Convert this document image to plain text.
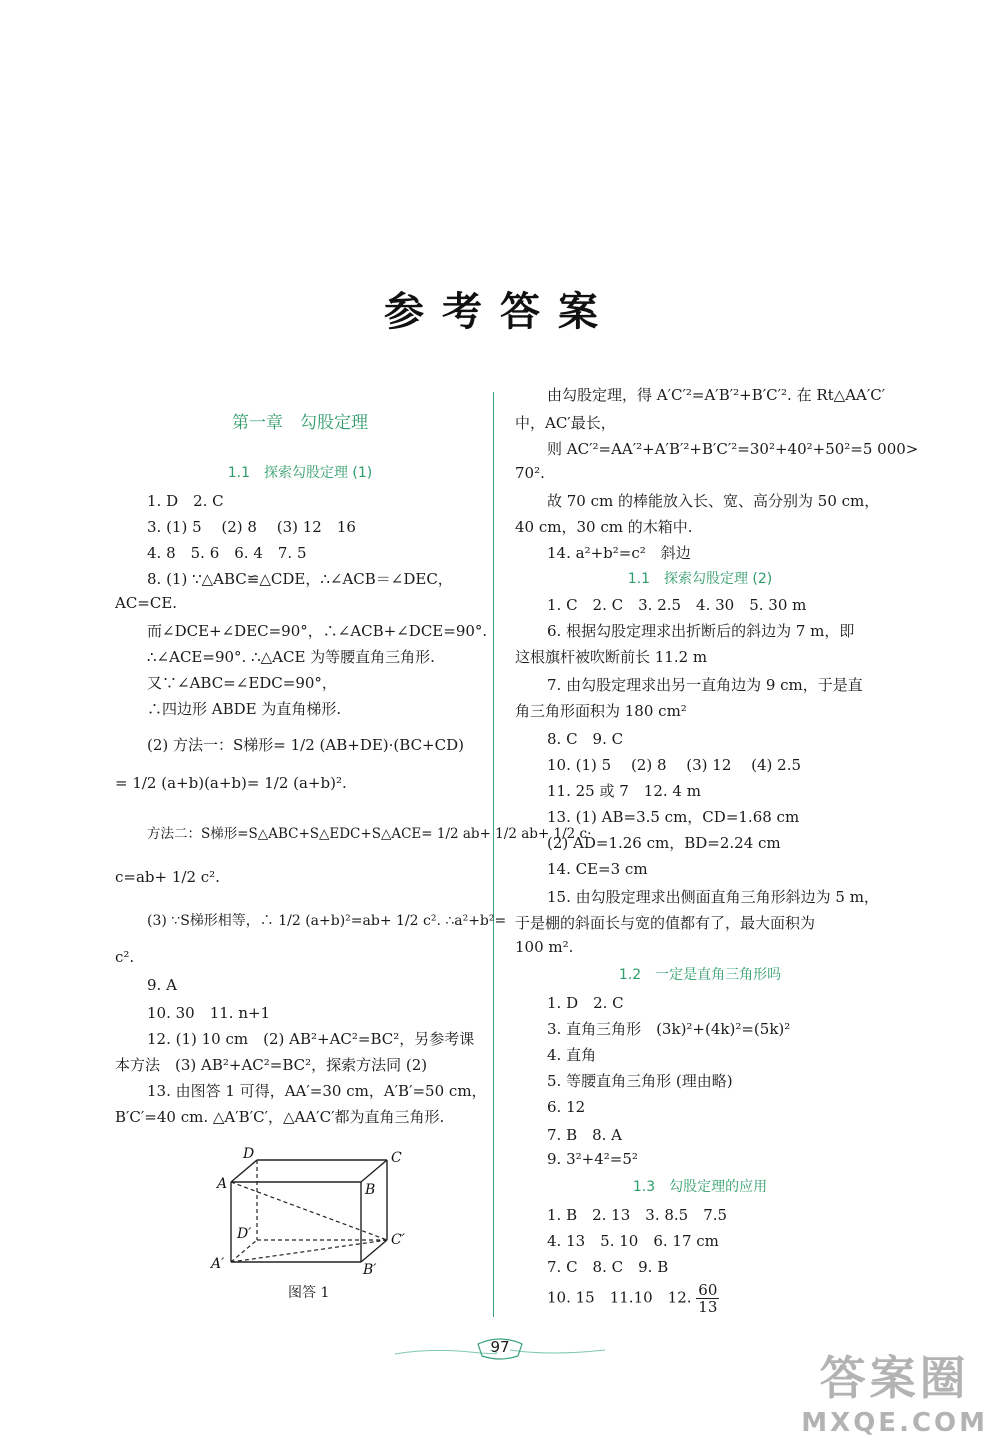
参考答案
第一章　勾股定理
1.1　探索勾股定理 (1)
1. D　2. C
3. (1) 5　 (2) 8　 (3) 12　16
4. 8　5. 6　6. 4　7. 5
8. (1) ∵△ABC≌△CDE，∴∠ACB＝∠DEC，
AC=CE.
而∠DCE+∠DEC=90°，∴∠ACB+∠DCE=90°.
∴∠ACE=90°. ∴△ACE 为等腰直角三角形.
又∵∠ABC=∠EDC=90°，
∴四边形 ABDE 为直角梯形.
(2) 方法一：S梯形= 1/2 (AB+DE)·(BC+CD)
= 1/2 (a+b)(a+b)= 1/2 (a+b)².
方法二：S梯形=S△ABC+S△EDC+S△ACE= 1/2 ab+ 1/2 ab+ 1/2 c·
c=ab+ 1/2 c².
(3) ∵S梯形相等，∴ 1/2 (a+b)²=ab+ 1/2 c². ∴a²+b²=
c².
9. A
10. 30　11. n+1
12. (1) 10 cm　(2) AB²+AC²=BC²，另参考课
本方法　(3) AB²+AC²=BC²，探索方法同 (2)
13. 由图答 1 可得，AA′=30 cm，A′B′=50 cm，
B′C′=40 cm. △A′B′C′，△AA′C′都为直角三角形.
D	C
A	B
D′	C′
A′	B′
图答 1
由勾股定理，得 A′C′²=A′B′²+B′C′². 在 Rt△AA′C′
中，AC′最长，
则 AC′²=AA′²+A′B′²+B′C′²=30²+40²+50²=5 000>
70².
故 70 cm 的棒能放入长、宽、高分别为 50 cm，
40 cm，30 cm 的木箱中.
14. a²+b²=c²　斜边
1.1　探索勾股定理 (2)
1. C　2. C　3. 2.5　4. 30　5. 30 m
6. 根据勾股定理求出折断后的斜边为 7 m，即
这根旗杆被吹断前长 11.2 m
7. 由勾股定理求出另一直角边为 9 cm，于是直
角三角形面积为 180 cm²
8. C　9. C
10. (1) 5　 (2) 8　 (3) 12　 (4) 2.5
11. 25 或 7　12. 4 m
13. (1) AB=3.5 cm，CD=1.68 cm
(2) AD=1.26 cm，BD=2.24 cm
14. CE=3 cm
15. 由勾股定理求出侧面直角三角形斜边为 5 m，
于是棚的斜面长与宽的值都有了，最大面积为
100 m².
1.2　一定是直角三角形吗
1. D　2. C
3. 直角三角形　(3k)²+(4k)²=(5k)²
4. 直角
5. 等腰直角三角形 (理由略)
6. 12
7. B　8. A
9. 3²+4²=5²
1.3　勾股定理的应用
1. B　2. 13　3. 8.5　7.5
4. 13　5. 10　6. 17 cm
7. C　8. C　9. B
10. 15　11.10　12. $\frac{60}{13}$
97
答案圈
MXQE.COM
